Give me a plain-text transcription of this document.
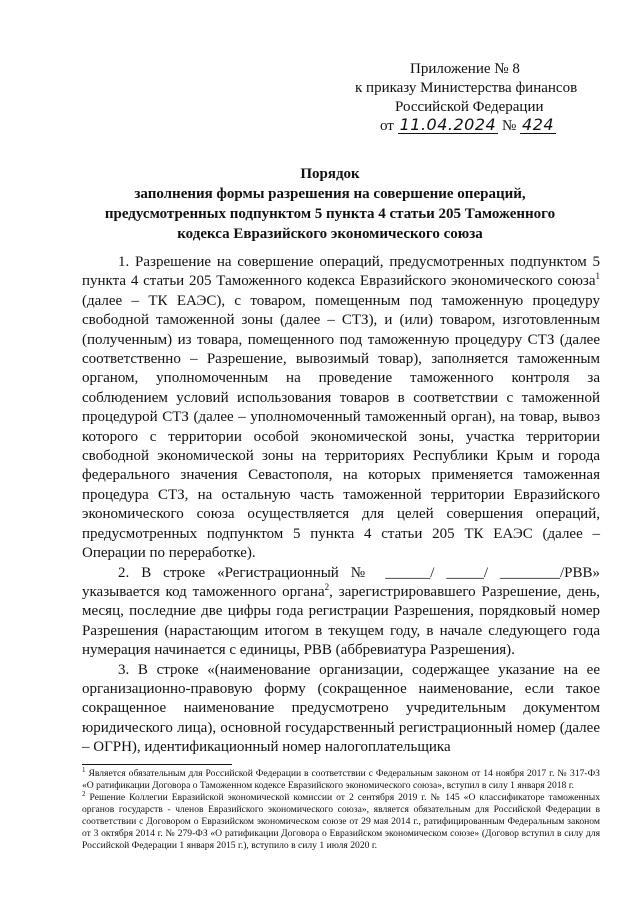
Приложение № 8
к приказу Министерства финансов
Российской Федерации
от 11.04.2024 № 424
Порядок
заполнения формы разрешения на совершение операций,
предусмотренных подпунктом 5 пункта 4 статьи 205 Таможенного
кодекса Евразийского экономического союза

1. Разрешение на совершение операций, предусмотренных подпунктом 5 пункта 4 статьи 205 Таможенного кодекса Евразийского экономического союза$^1$ (далее – ТК ЕАЭС), с товаром, помещенным под таможенную процедуру свободной таможенной зоны (далее – СТЗ), и (или) товаром, изготовленным (полученным) из товара, помещенного под таможенную процедуру СТЗ (далее соответственно – Разрешение, вывозимый товар), заполняется таможенным органом, уполномоченным на проведение таможенного контроля за соблюдением условий использования товаров в соответствии с таможенной процедурой СТЗ (далее – уполномоченный таможенный орган), на товар, вывоз которого с территории особой экономической зоны, участка территории свободной экономической зоны на территориях Республики Крым и города федерального значения Севастополя, на которых применяется таможенная процедура СТЗ, на остальную часть таможенной территории Евразийского экономического союза осуществляется для целей совершения операций, предусмотренных подпунктом 5 пункта 4 статьи 205 ТК ЕАЭС (далее – Операции по переработке).

2. В строке «Регистрационный № ______/ _____/ ________/РВВ» указывается код таможенного органа$^2$, зарегистрировавшего Разрешение, день, месяц, последние две цифры года регистрации Разрешения, порядковый номер Разрешения (нарастающим итогом в текущем году, в начале следующего года нумерация начинается с единицы, РВВ (аббревиатура Разрешения).

3. В строке «(наименование организации, содержащее указание на ее организационно-правовую форму (сокращенное наименование, если такое сокращенное наименование предусмотрено учредительным документом юридического лица), основной государственный регистрационный номер (далее – ОГРН), идентификационный номер налогоплательщика

$^1$ Является обязательным для Российской Федерации в соответствии с Федеральным законом от 14 ноября 2017 г. № 317-ФЗ «О ратификации Договора о Таможенном кодексе Евразийского экономического союза», вступил в силу 1 января 2018 г.

$^2$ Решение Коллегии Евразийской экономической комиссии от 2 сентября 2019 г. № 145 «О классификаторе таможенных органов государств - членов Евразийского экономического союза», является обязательным для Российской Федерации в соответствии с Договором о Евразийском экономическом союзе от 29 мая 2014 г., ратифицированным Федеральным законом от 3 октября 2014 г. № 279-ФЗ «О ратификации Договора о Евразийском экономическом союзе» (Договор вступил в силу для Российской Федерации 1 января 2015 г.), вступило в силу 1 июля 2020 г.
